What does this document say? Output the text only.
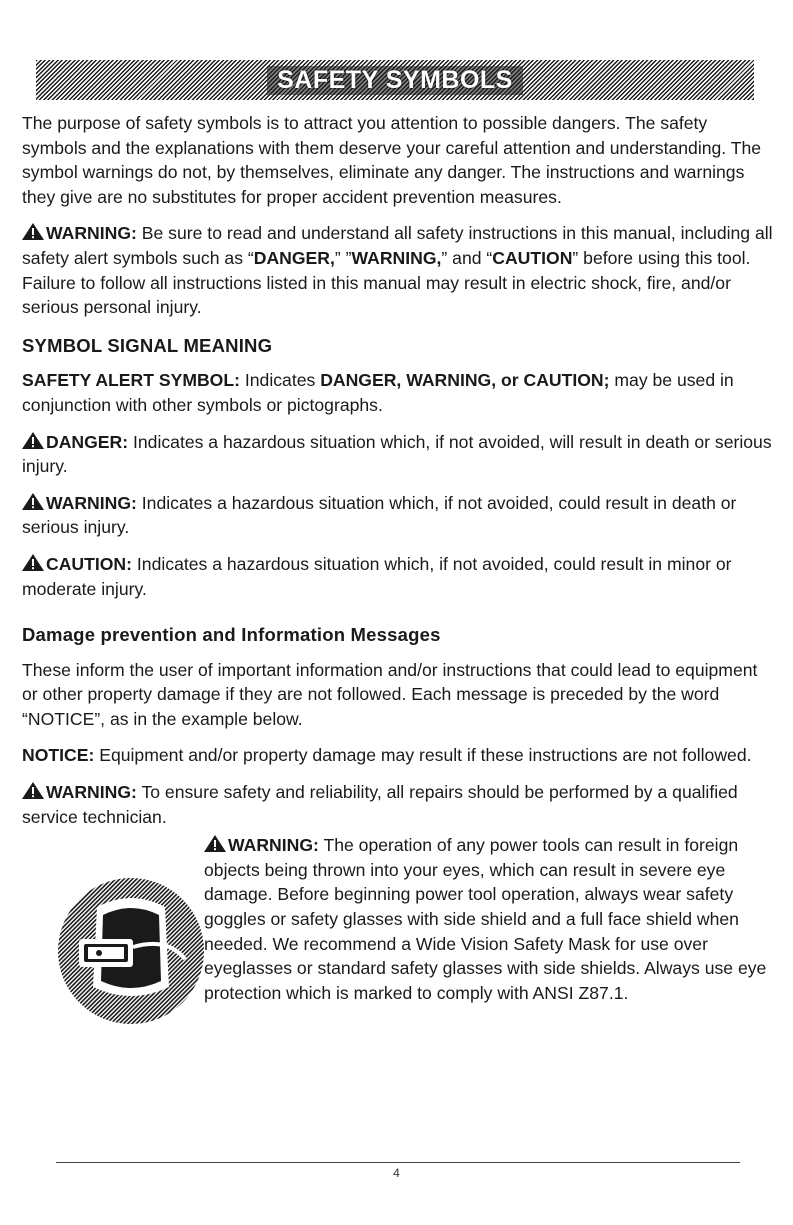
SAFETY SYMBOLS

The purpose of safety symbols is to attract you attention to possible dangers. The safety symbols and the explanations with them deserve your careful attention and understanding. The symbol warnings do not, by themselves, eliminate any danger. The instructions and warnings they give are no substitutes for proper accident prevention measures.

WARNING: Be sure to read and understand all safety instructions in this manual, including all safety alert symbols such as “DANGER,” ”WARNING,” and “CAUTION” before using this tool. Failure to follow all instructions listed in this manual may result in electric shock, fire, and/or serious personal injury.

SYMBOL SIGNAL MEANING

SAFETY ALERT SYMBOL: Indicates DANGER, WARNING, or CAUTION; may be used in conjunction with other symbols or pictographs.

DANGER: Indicates a hazardous situation which, if not avoided, will result in death or serious injury.

WARNING: Indicates a hazardous situation which, if not avoided, could result in death or serious injury.

CAUTION: Indicates a hazardous situation which, if not avoided, could result in minor or moderate injury.

Damage prevention and Information Messages

These inform the user of important information and/or instructions that could lead to equipment or other property damage if they are not followed. Each message is preceded by the word “NOTICE”, as in the example below.

NOTICE: Equipment and/or property damage may result if these instructions are not followed.

WARNING: To ensure safety and reliability, all repairs should be performed by a qualified service technician.

WARNING: The operation of any power tools can result in foreign objects being thrown into your eyes, which can result in severe eye damage. Before beginning power tool operation, always wear safety goggles or safety glasses with side shield and a full face shield when needed. We recommend a Wide Vision Safety Mask for use over eyeglasses or standard safety glasses with side shields. Always use eye protection which is marked to comply with ANSI Z87.1.
4
